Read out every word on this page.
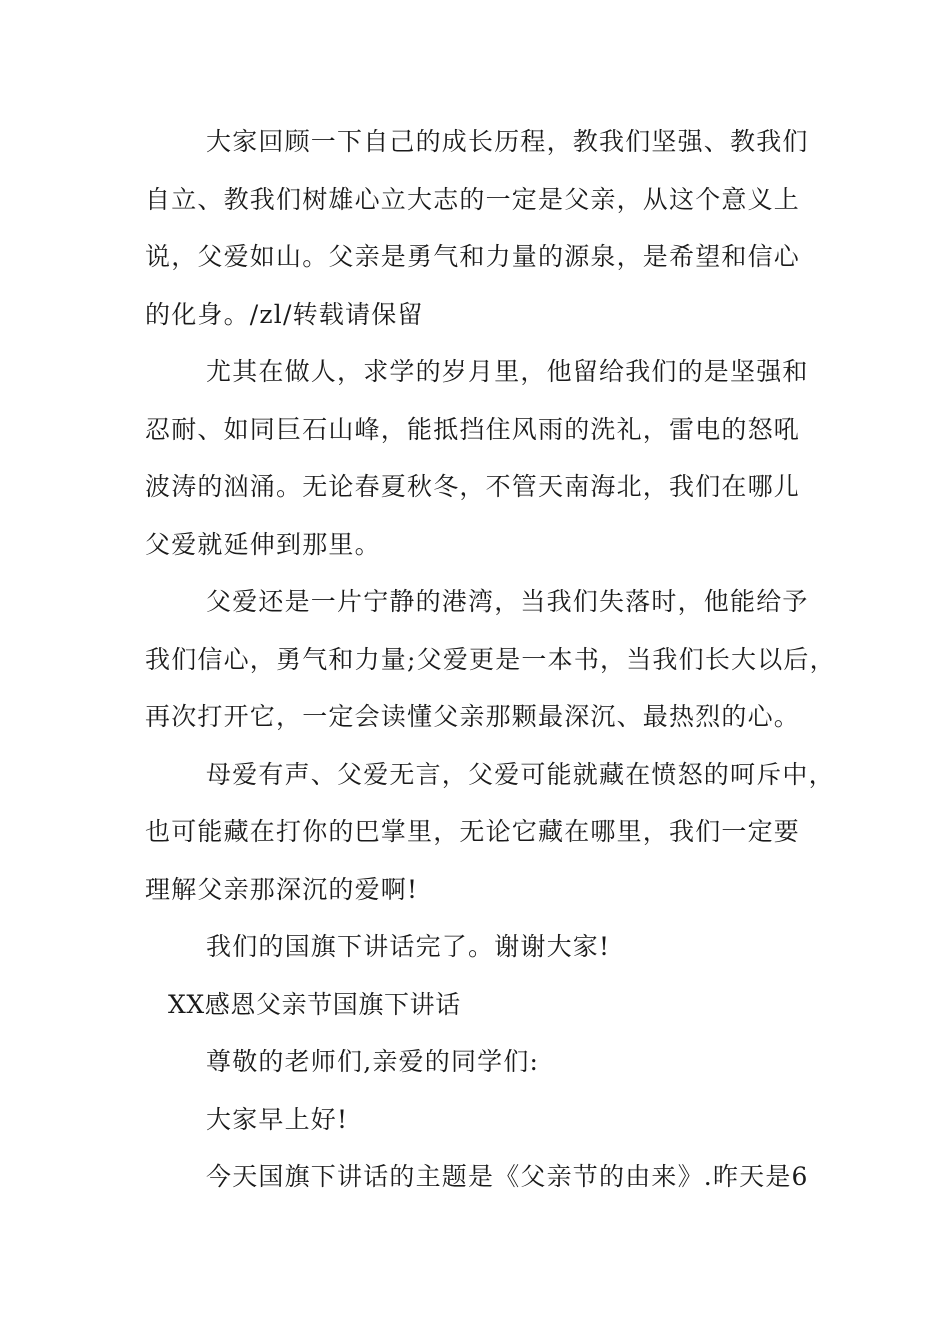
大家回顾一下自己的成长历程，教我们坚强、教我们
自立、教我们树雄心立大志的一定是父亲，从这个意义上
说，父爱如山。父亲是勇气和力量的源泉，是希望和信心
的化身。/zl/转载请保留
尤其在做人，求学的岁月里，他留给我们的是坚强和
忍耐、如同巨石山峰，能抵挡住风雨的洗礼，雷电的怒吼
波涛的汹涌。无论春夏秋冬，不管天南海北，我们在哪儿
父爱就延伸到那里。
父爱还是一片宁静的港湾，当我们失落时，他能给予
我们信心，勇气和力量;父爱更是一本书，当我们长大以后，
再次打开它，一定会读懂父亲那颗最深沉、最热烈的心。
母爱有声、父爱无言，父爱可能就藏在愤怒的呵斥中，
也可能藏在打你的巴掌里，无论它藏在哪里，我们一定要
理解父亲那深沉的爱啊!
我们的国旗下讲话完了。谢谢大家!
XX感恩父亲节国旗下讲话
尊敬的老师们,亲爱的同学们:
大家早上好!
今天国旗下讲话的主题是《父亲节的由来》.昨天是6
